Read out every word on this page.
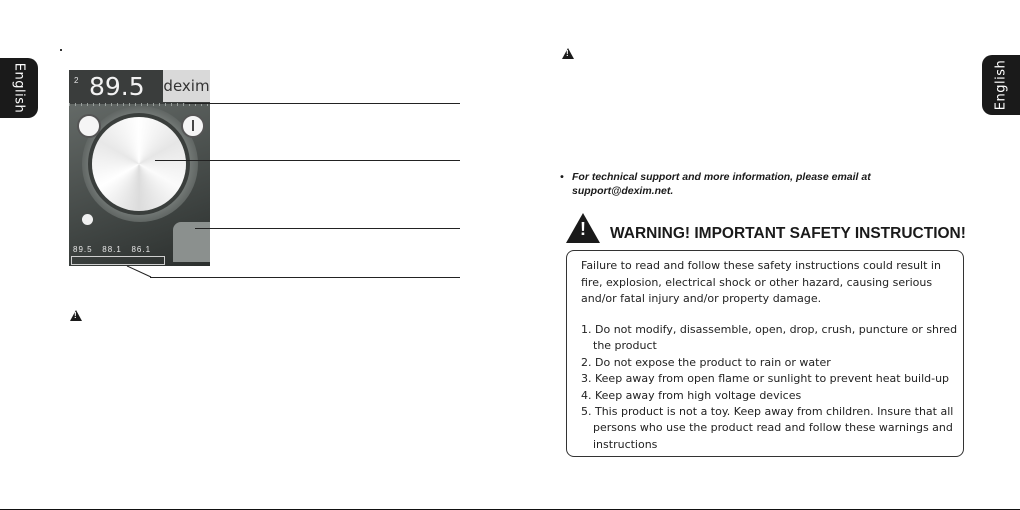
English	English
2 89.5 dexim
89.5   88.1   86.1
!
!
• For technical support and more information, please email at support@dexim.net.
! WARNING! IMPORTANT SAFETY INSTRUCTION!
Failure to read and follow these safety instructions could result in fire, explosion, electrical shock or other hazard, causing serious and/or fatal injury and/or property damage.
1. Do not modify, disassemble, open, drop, crush, puncture or shred the product
2. Do not expose the product to rain or water
3. Keep away from open flame or sunlight to prevent heat build-up
4. Keep away from high voltage devices
5. This product is not a toy. Keep away from children. Insure that all persons who use the product read and follow these warnings and instructions
